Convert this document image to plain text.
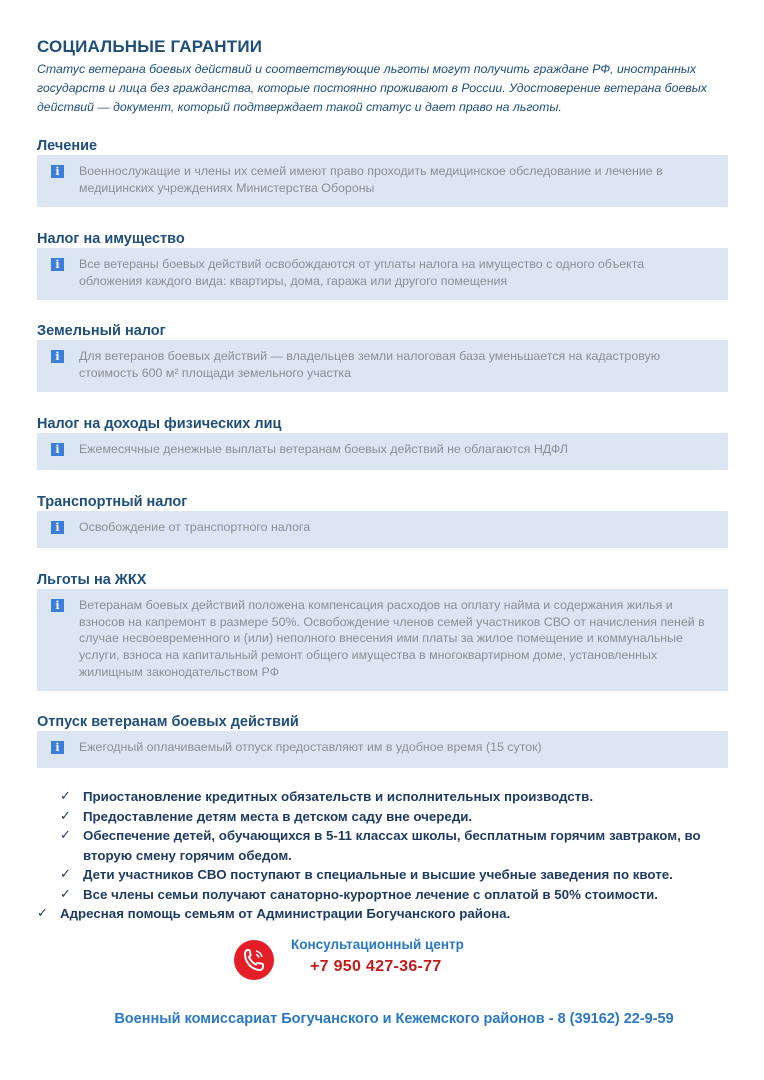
СОЦИАЛЬНЫЕ ГАРАНТИИ
Статус ветерана боевых действий и соответствующие льготы могут получить граждане РФ, иностранных государств и лица без гражданства, которые постоянно проживают в России. Удостоверение ветерана боевых действий — документ, который подтверждает такой статус и дает право на льготы.
Лечение
i	Военнослужащие и члены их семей имеют право проходить медицинское обследование и лечение в медицинских учреждениях Министерства Обороны
Налог на имущество
i	Все ветераны боевых действий освобождаются от уплаты налога на имущество с одного объекта обложения каждого вида: квартиры, дома, гаража или другого помещения
Земельный налог
i	Для ветеранов боевых действий — владельцев земли налоговая база уменьшается на кадастровую стоимость 600 м² площади земельного участка
Налог на доходы физических лиц
i	Ежемесячные денежные выплаты ветеранам боевых действий не облагаются НДФЛ
Транспортный налог
i	Освобождение от транспортного налога
Льготы на ЖКХ
i	Ветеранам боевых действий положена компенсация расходов на оплату найма и содержания жилья и взносов на капремонт в размере 50%. Освобождение членов семей участников СВО от начисления пеней в случае несвоевременного и (или) неполного внесения ими платы за жилое помещение и коммунальные услуги, взноса на капитальный ремонт общего имущества в многоквартирном доме, установленных жилищным законодательством РФ
Отпуск ветеранам боевых действий
i	Ежегодный оплачиваемый отпуск предоставляют им в удобное время (15 суток)
✓ Приостановление кредитных обязательств и исполнительных производств.
✓ Предоставление детям места в детском саду вне очереди.
✓ Обеспечение детей, обучающихся в 5-11 классах школы, бесплатным горячим завтраком, во вторую смену горячим обедом.
✓ Дети участников СВО поступают в специальные и высшие учебные заведения по квоте.
✓ Все члены семьи получают санаторно-курортное лечение с оплатой в 50% стоимости.
✓ Адресная помощь семьям от Администрации Богучанского района.
Консультационный центр
+7 950 427-36-77
Военный комиссариат Богучанского и Кежемского районов - 8 (39162) 22-9-59
